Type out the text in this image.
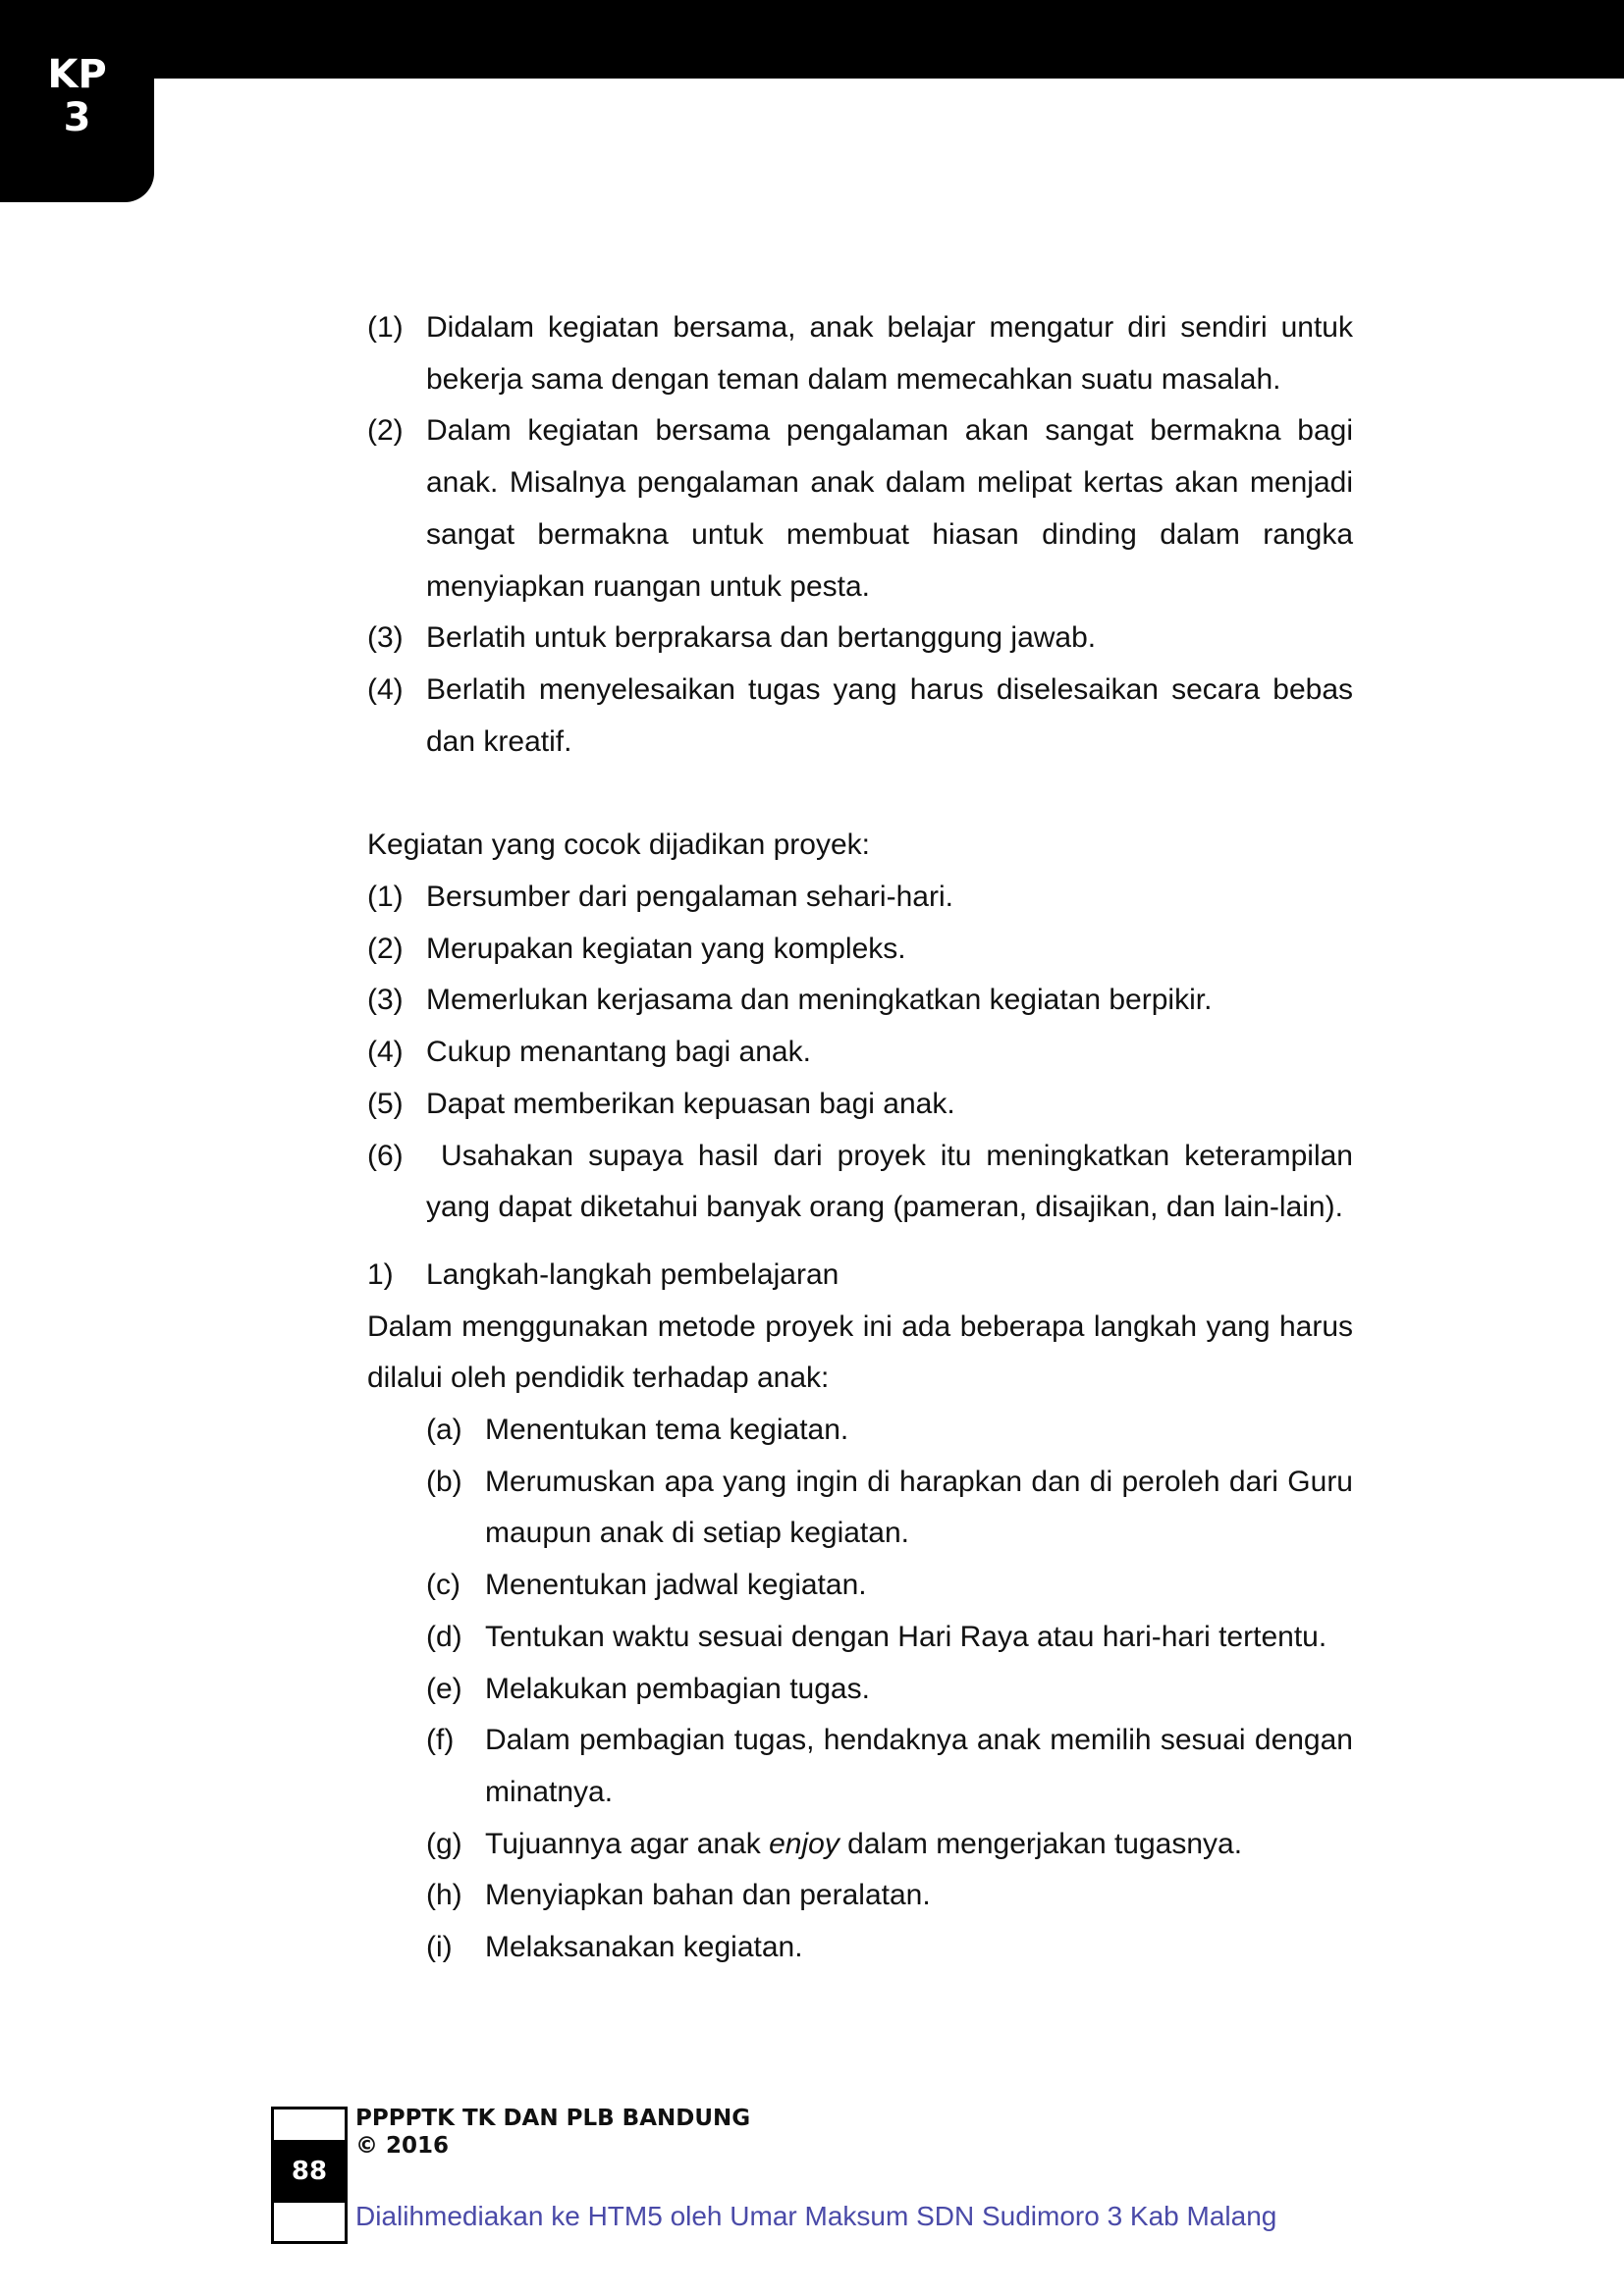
KP
3
(1) Didalam kegiatan bersama, anak belajar mengatur diri sendiri untuk bekerja sama dengan teman dalam memecahkan suatu masalah.
(2) Dalam kegiatan bersama pengalaman akan sangat bermakna bagi anak. Misalnya pengalaman anak dalam melipat kertas akan menjadi sangat bermakna untuk membuat hiasan dinding dalam rangka menyiapkan ruangan untuk pesta.
(3) Berlatih untuk berprakarsa dan bertanggung jawab.
(4) Berlatih menyelesaikan tugas yang harus diselesaikan secara bebas dan kreatif.

Kegiatan yang cocok dijadikan proyek:

(1) Bersumber dari pengalaman sehari-hari.
(2) Merupakan kegiatan yang kompleks.
(3) Memerlukan kerjasama dan meningkatkan kegiatan berpikir.
(4) Cukup menantang bagi anak.
(5) Dapat memberikan kepuasan bagi anak.
(6) Usahakan supaya hasil dari proyek itu meningkatkan keterampilan yang dapat diketahui banyak orang (pameran, disajikan, dan lain-lain).
1)	Langkah-langkah pembelajaran

Dalam menggunakan metode proyek ini ada beberapa langkah yang harus dilalui oleh pendidik terhadap anak:

(a) Menentukan tema kegiatan.
(b) Merumuskan apa yang ingin di harapkan dan di peroleh dari Guru maupun anak di setiap kegiatan.
(c) Menentukan jadwal kegiatan.
(d) Tentukan waktu sesuai dengan Hari Raya atau hari-hari tertentu.
(e) Melakukan pembagian tugas.
(f)	Dalam pembagian tugas, hendaknya anak memilih sesuai dengan minatnya.
(g) Tujuannya agar anak enjoy dalam mengerjakan tugasnya.
(h) Menyiapkan bahan dan peralatan.
(i)	Melaksanakan kegiatan.
88
PPPPTK TK DAN PLB BANDUNG
© 2016
Dialihmediakan ke HTM5 oleh Umar Maksum SDN Sudimoro 3 Kab Malang
